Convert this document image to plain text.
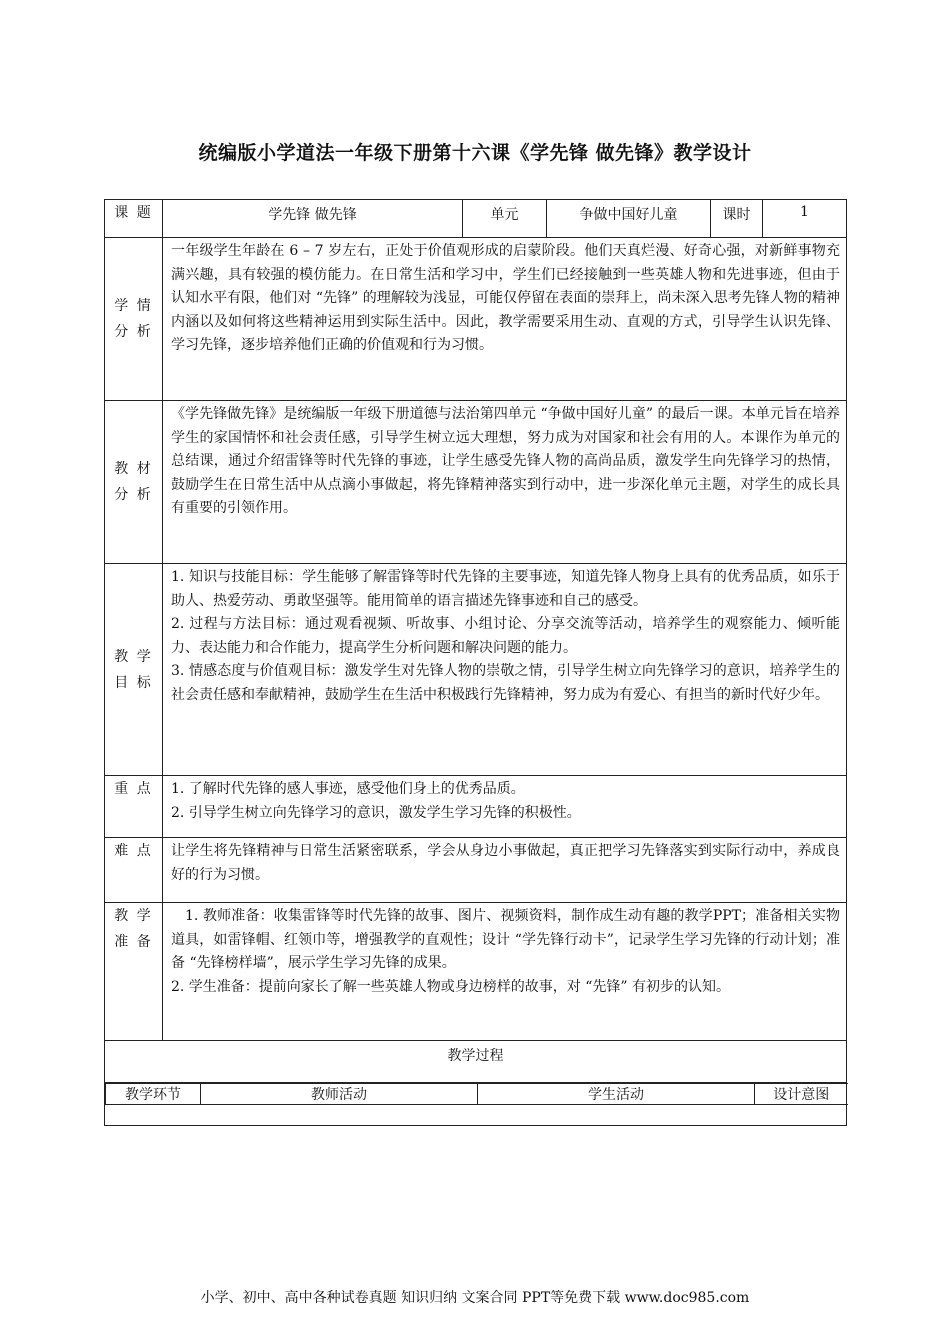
统编版小学道法一年级下册第十六课《学先锋 做先锋》教学设计
课 题	学先锋 做先锋	单元	争做中国好儿童	课时	1

学 情
分 析
	一年级学生年龄在 6 – 7 岁左右，正处于价值观形成的启蒙阶段。他们天真烂漫、好奇心强，对新鲜事物充满兴趣，具有较强的模仿能力。在日常生活和学习中，学生们已经接触到一些英雄人物和先进事迹，但由于认知水平有限，他们对 “先锋” 的理解较为浅显，可能仅停留在表面的崇拜上，尚未深入思考先锋人物的精神内涵以及如何将这些精神运用到实际生活中。因此，教学需要采用生动、直观的方式，引导学生认识先锋、学习先锋，逐步培养他们正确的价值观和行为习惯。

教 材
分 析
	《学先锋做先锋》是统编版一年级下册道德与法治第四单元 “争做中国好儿童” 的最后一课。本单元旨在培养学生的家国情怀和社会责任感，引导学生树立远大理想，努力成为对国家和社会有用的人。本课作为单元的总结课，通过介绍雷锋等时代先锋的事迹，让学生感受先锋人物的高尚品质，激发学生向先锋学习的热情，鼓励学生在日常生活中从点滴小事做起，将先锋精神落实到行动中，进一步深化单元主题，对学生的成长具有重要的引领作用。

教 学
目 标

1. 知识与技能目标：学生能够了解雷锋等时代先锋的主要事迹，知道先锋人物身上具有的优秀品质，如乐于助人、热爱劳动、勇敢坚强等。能用简单的语言描述先锋事迹和自己的感受。

2. 过程与方法目标：通过观看视频、听故事、小组讨论、分享交流等活动，培养学生的观察能力、倾听能力、表达能力和合作能力，提高学生分析问题和解决问题的能力。

3. 情感态度与价值观目标：激发学生对先锋人物的崇敬之情，引导学生树立向先锋学习的意识，培养学生的社会责任感和奉献精神，鼓励学生在生活中积极践行先锋精神，努力成为有爱心、有担当的新时代好少年。

重 点	1. 了解时代先锋的感人事迹，感受他们身上的优秀品质。

2. 引导学生树立向先锋学习的意识，激发学生学习先锋的积极性。

难 点	让学生将先锋精神与日常生活紧密联系，学会从身边小事做起，真正把学习先锋落实到实际行动中，养成良好的行为习惯。

教 学
准 备

1. 教师准备：收集雷锋等时代先锋的故事、图片、视频资料，制作成生动有趣的教学PPT；准备相关实物道具，如雷锋帽、红领巾等，增强教学的直观性；设计 “学先锋行动卡”，记录学生学习先锋的行动计划；准备 “先锋榜样墙”，展示学生学习先锋的成果。

2. 学生准备：提前向家长了解一些英雄人物或身边榜样的故事，对 “先锋” 有初步的认知。

教学过程

教学环节	教师活动	学生活动	设计意图
小学、初中、高中各种试卷真题 知识归纳 文案合同 PPT等免费下载 www.doc985.com
